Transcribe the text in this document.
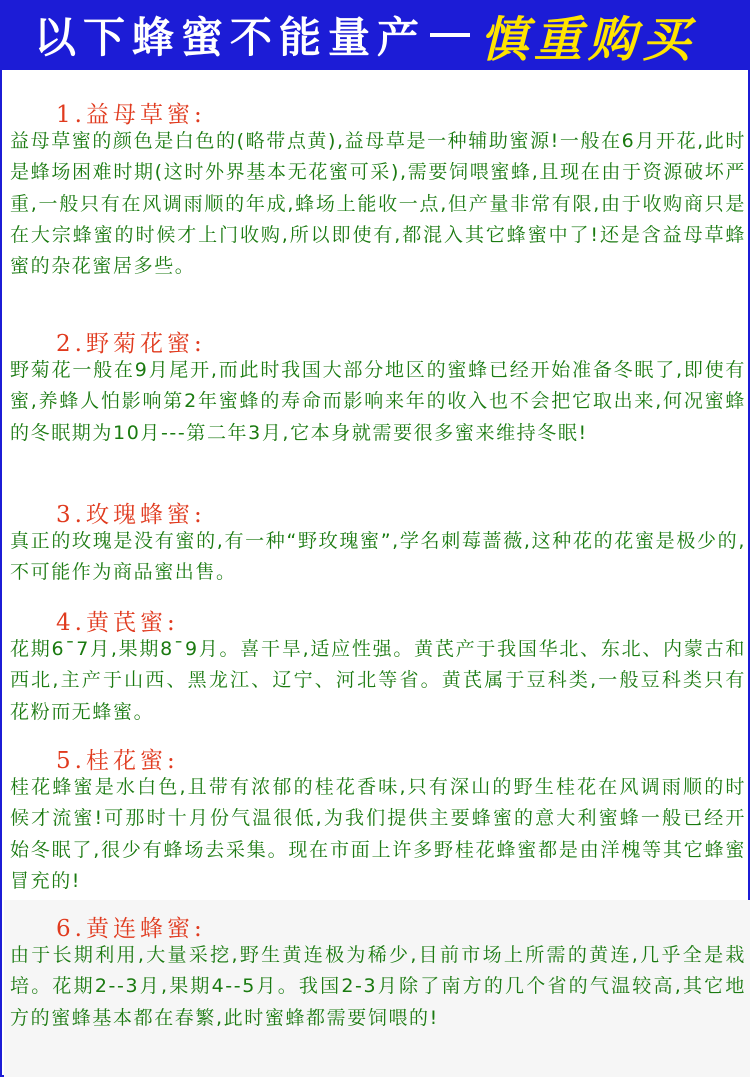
以下蜂蜜不能量产 慎重购买
1.益母草蜜:
益母草蜜的颜色是白色的(略带点黄),益母草是一种辅助蜜源!一般在6月开花,此时是蜂场困难时期(这时外界基本无花蜜可采),需要饲喂蜜蜂,且现在由于资源破坏严重,一般只有在风调雨顺的年成,蜂场上能收一点,但产量非常有限,由于收购商只是在大宗蜂蜜的时候才上门收购,所以即使有,都混入其它蜂蜜中了!还是含益母草蜂蜜的杂花蜜居多些。
2.野菊花蜜:
野菊花一般在9月尾开,而此时我国大部分地区的蜜蜂已经开始准备冬眠了,即使有蜜,养蜂人怕影响第2年蜜蜂的寿命而影响来年的收入也不会把它取出来,何况蜜蜂的冬眠期为10月---第二年3月,它本身就需要很多蜜来维持冬眠!
3.玫瑰蜂蜜:
真正的玫瑰是没有蜜的,有一种“野玫瑰蜜”,学名刺莓蔷薇,这种花的花蜜是极少的,不可能作为商品蜜出售。
4.黄芪蜜:
花期6¯7月,果期8¯9月。喜干旱,适应性强。黄芪产于我国华北、东北、内蒙古和西北,主产于山西、黑龙江、辽宁、河北等省。黄芪属于豆科类,一般豆科类只有花粉而无蜂蜜。
5.桂花蜜:
桂花蜂蜜是水白色,且带有浓郁的桂花香味,只有深山的野生桂花在风调雨顺的时候才流蜜!可那时十月份气温很低,为我们提供主要蜂蜜的意大利蜜蜂一般已经开始冬眠了,很少有蜂场去采集。现在市面上许多野桂花蜂蜜都是由洋槐等其它蜂蜜冒充的!
6.黄连蜂蜜:
由于长期利用,大量采挖,野生黄连极为稀少,目前市场上所需的黄连,几乎全是栽培。花期2--3月,果期4--5月。我国2-3月除了南方的几个省的气温较高,其它地方的蜜蜂基本都在春繁,此时蜜蜂都需要饲喂的!
